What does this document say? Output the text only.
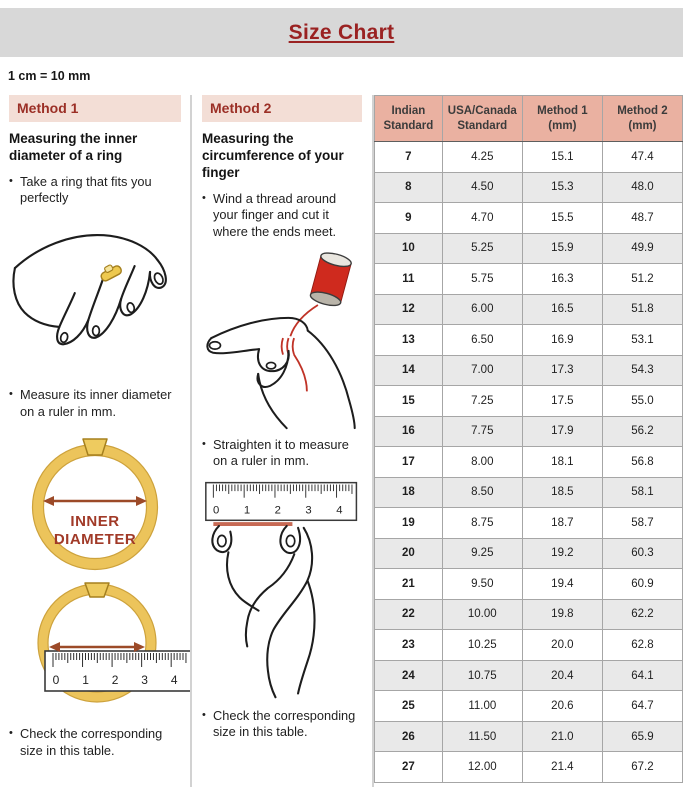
Size Chart
1 cm = 10 mm
Method 1
Measuring the inner diameter of a ring
• Take a ring that fits you perfectly
• Measure its inner diameter on a ruler in mm.
INNER
DIAMETER
0 1 2 3 4
• Check the corresponding size in this table.
Method 2
Measuring the circumference of your finger
• Wind a thread around your finger and cut it where the ends meet.
• Straighten it to measure on a ruler in mm.
0 1 2 3 4
• Check the corresponding size in this table.
Indian Standard	USA/Canada Standard	Method 1 (mm)	Method 2 (mm)
7	4.25	15.1	47.4
8	4.50	15.3	48.0
9	4.70	15.5	48.7
10	5.25	15.9	49.9
11	5.75	16.3	51.2
12	6.00	16.5	51.8
13	6.50	16.9	53.1
14	7.00	17.3	54.3
15	7.25	17.5	55.0
16	7.75	17.9	56.2
17	8.00	18.1	56.8
18	8.50	18.5	58.1
19	8.75	18.7	58.7
20	9.25	19.2	60.3
21	9.50	19.4	60.9
22	10.00	19.8	62.2
23	10.25	20.0	62.8
24	10.75	20.4	64.1
25	11.00	20.6	64.7
26	11.50	21.0	65.9
27	12.00	21.4	67.2
